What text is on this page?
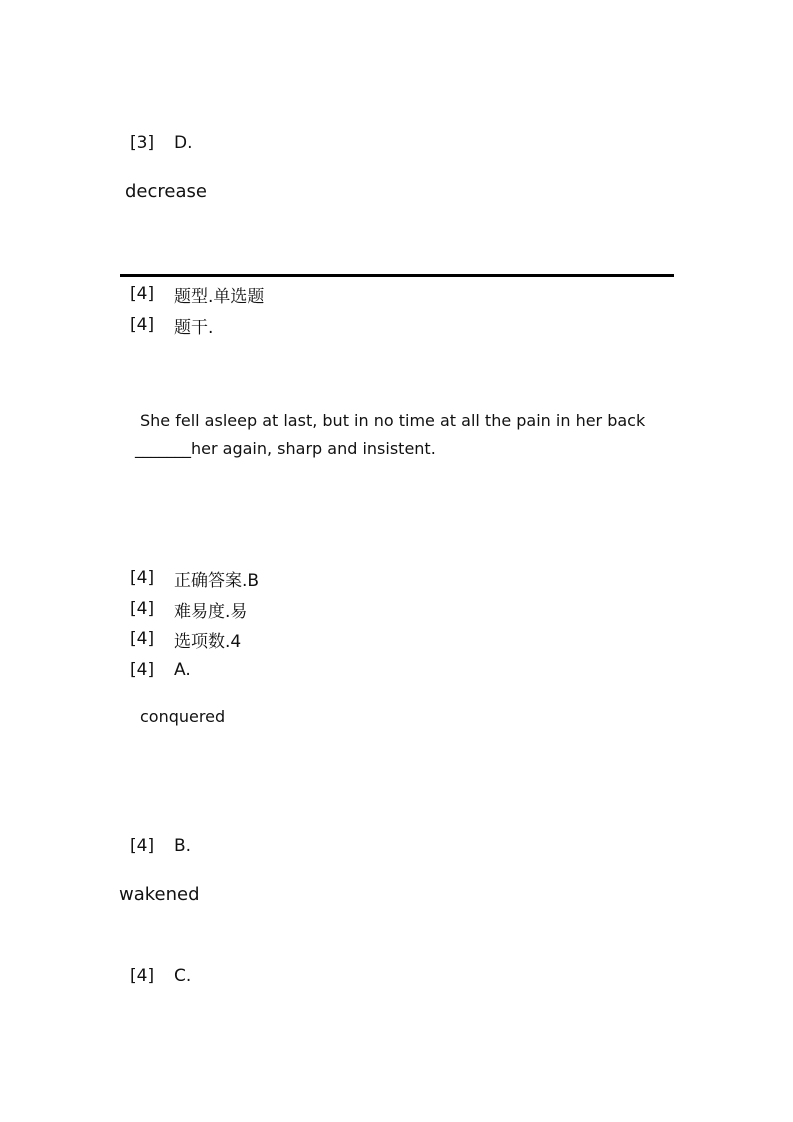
[3]	D.
decrease
[4]	题型.单选题
[4]	题干.
She fell asleep at last, but in no time at all the pain in her back
_______her again, sharp and insistent.
[4]	正确答案.B
[4]	难易度.易
[4]	选项数.4
[4]	A.
conquered
[4]	B.
wakened
[4]	C.
